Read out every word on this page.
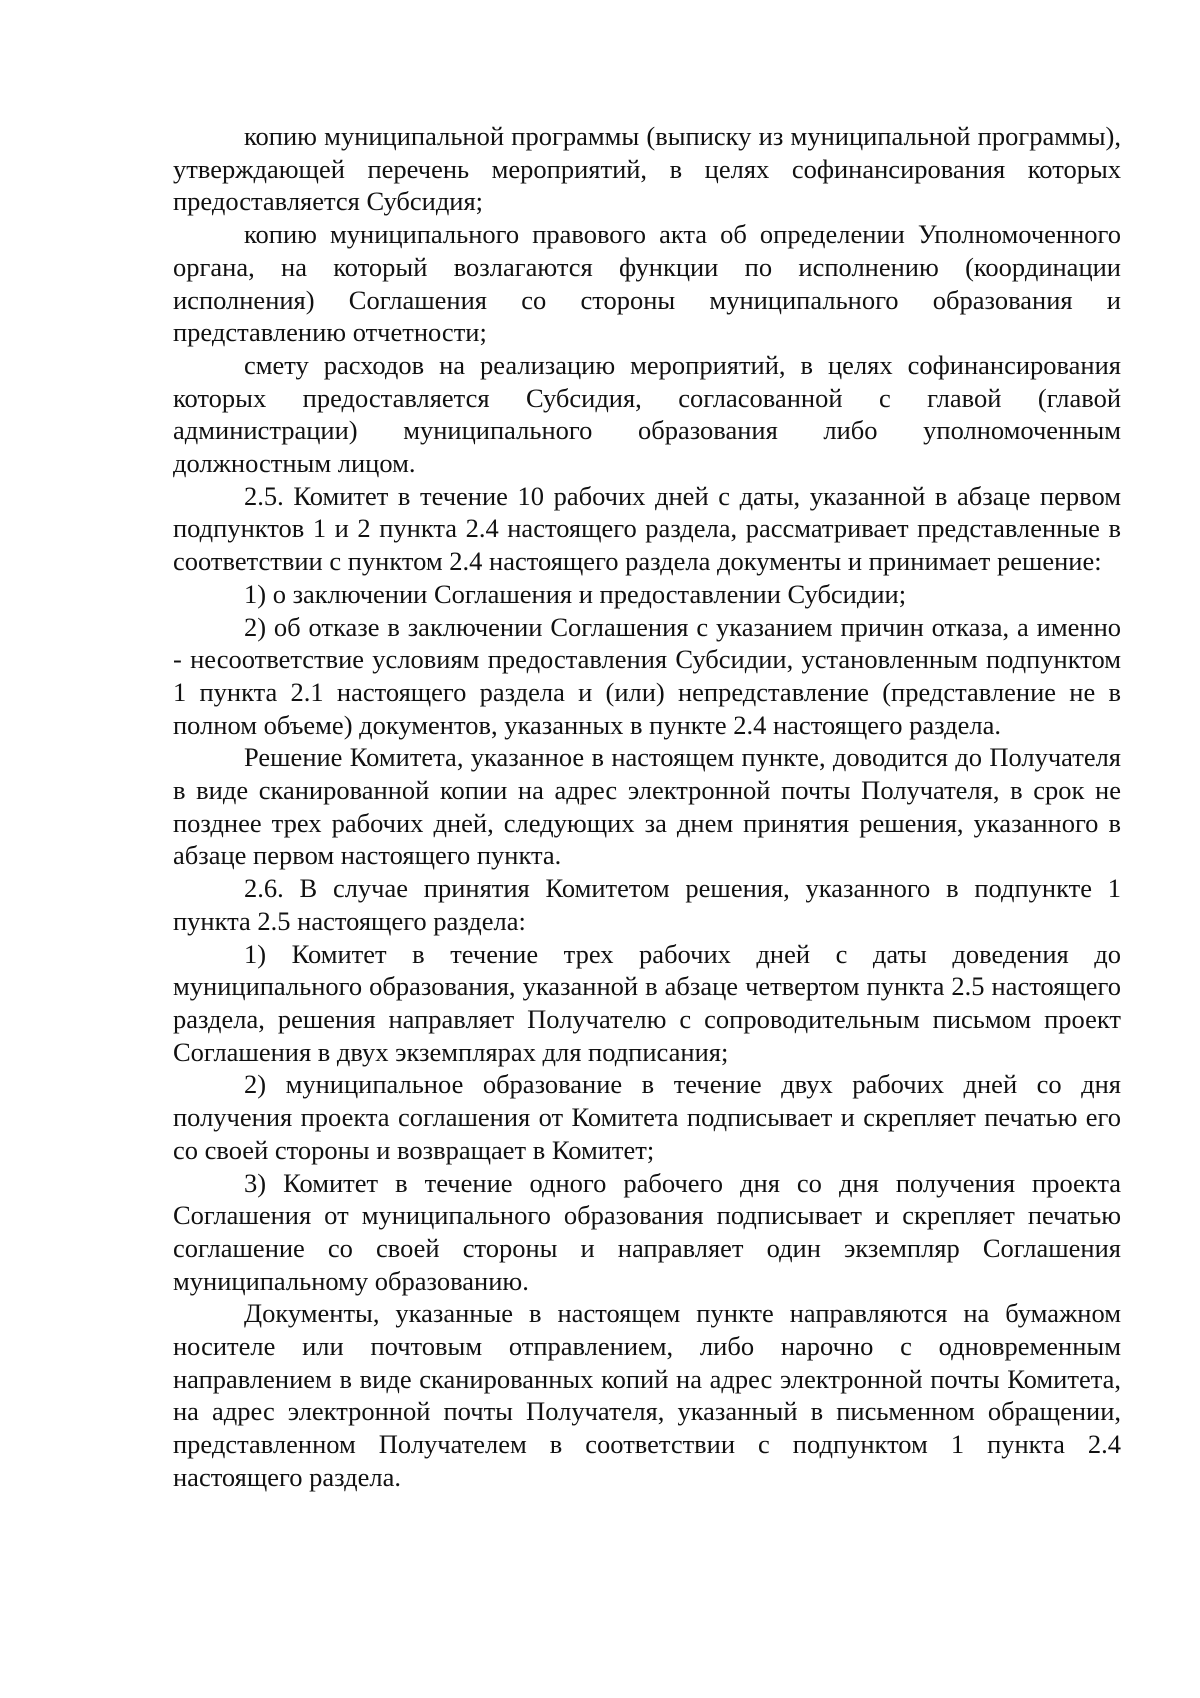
копию муниципальной программы (выписку из муниципальной программы), утверждающей перечень мероприятий, в целях софинансирования которых предоставляется Субсидия;

копию муниципального правового акта об определении Уполномоченного органа, на который возлагаются функции по исполнению (координации исполнения) Соглашения со стороны муниципального образования и представлению отчетности;

смету расходов на реализацию мероприятий, в целях софинансирования которых предоставляется Субсидия, согласованной с главой (главой администрации) муниципального образования либо уполномоченным должностным лицом.

2.5. Комитет в течение 10 рабочих дней с даты, указанной в абзаце первом подпунктов 1 и 2 пункта 2.4 настоящего раздела, рассматривает представленные в соответствии с пунктом 2.4 настоящего раздела документы и принимает решение:

1) о заключении Соглашения и предоставлении Субсидии;

2) об отказе в заключении Соглашения с указанием причин отказа, а именно - несоответствие условиям предоставления Субсидии, установленным подпунктом 1 пункта 2.1 настоящего раздела и (или) непредставление (представление не в полном объеме) документов, указанных в пункте 2.4 настоящего раздела.

Решение Комитета, указанное в настоящем пункте, доводится до Получателя в виде сканированной копии на адрес электронной почты Получателя, в срок не позднее трех рабочих дней, следующих за днем принятия решения, указанного в абзаце первом настоящего пункта.

2.6. В случае принятия Комитетом решения, указанного в подпункте 1 пункта 2.5 настоящего раздела:

1) Комитет в течение трех рабочих дней с даты доведения до муниципального образования, указанной в абзаце четвертом пункта 2.5 настоящего раздела, решения направляет Получателю с сопроводительным письмом проект Соглашения в двух экземплярах для подписания;

2) муниципальное образование в течение двух рабочих дней со дня получения проекта соглашения от Комитета подписывает и скрепляет печатью его со своей стороны и возвращает в Комитет;

3) Комитет в течение одного рабочего дня со дня получения проекта Соглашения от муниципального образования подписывает и скрепляет печатью соглашение со своей стороны и направляет один экземпляр Соглашения муниципальному образованию.

Документы, указанные в настоящем пункте направляются на бумажном носителе или почтовым отправлением, либо нарочно с одновременным направлением в виде сканированных копий на адрес электронной почты Комитета, на адрес электронной почты Получателя, указанный в письменном обращении, представленном Получателем в соответствии с подпунктом 1 пункта 2.4 настоящего раздела.
